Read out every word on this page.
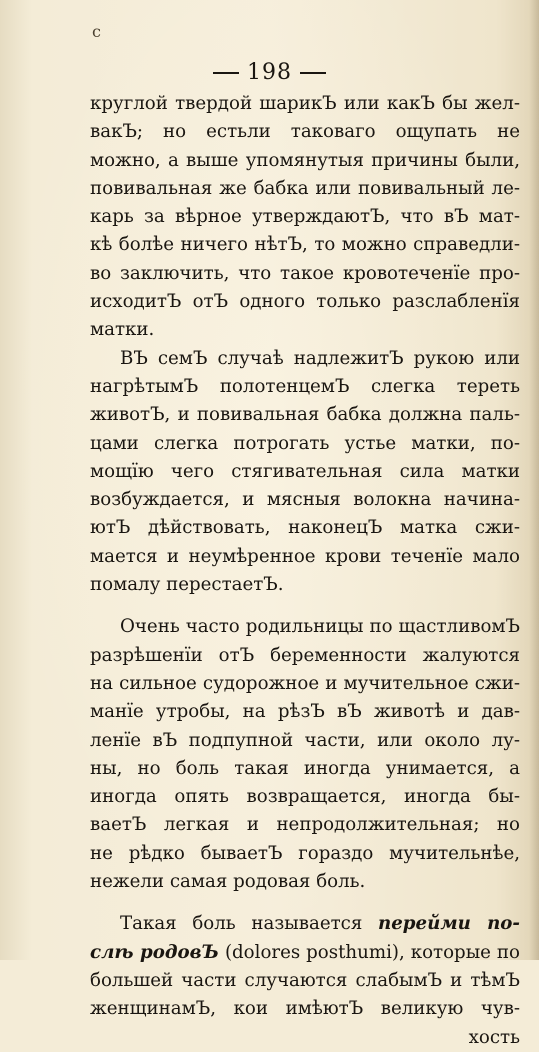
с
198
круглой твердой шарикЪ или какЪ бы жел-
вакЪ; но естьли таковаго ощупать не
можно, а выше упомянутыя причины были,
повивальная же бабка или повивальный ле-
карь за вѣрное утверждаютЪ, что вЪ мат-
кѣ болѣе ничего нѣтЪ, то можно справедли-
во заключить, что такое кровотеченїе про-
исходитЪ отЪ одного только разслабленїя
матки.
ВЪ семЪ случаѣ надлежитЪ рукою или
нагрѣтымЪ полотенцемЪ слегка тереть
животЪ, и повивальная бабка должна паль-
цами слегка потрогать устье матки, по-
мощїю чего стягивательная сила матки
возбуждается, и мясныя волокна начина-
ютЪ дѣйствовать, наконецЪ матка сжи-
мается и неумѣренное крови теченїе мало
помалу перестаетЪ.
Очень часто родильницы по щастливомЪ
разрѣшенїи отЪ беременности жалуются
на сильное судорожное и мучительное сжи-
манїе утробы, на рѣзЪ вЪ животѣ и дав-
ленїе вЪ подпупной части, или около лу-
ны, но боль такая иногда унимается, а
иногда опять возвращается, иногда бы-
ваетЪ легкая и непродолжительная; но
не рѣдко бываетЪ гораздо мучительнѣе,
нежели самая родовая боль.
Такая боль называется перейми по-
слѣ родовЪ (dolores posthumi), которые по
большей части случаются слабымЪ и тѣмЪ
женщинамЪ, кои имѣютЪ великую чув-
хость
